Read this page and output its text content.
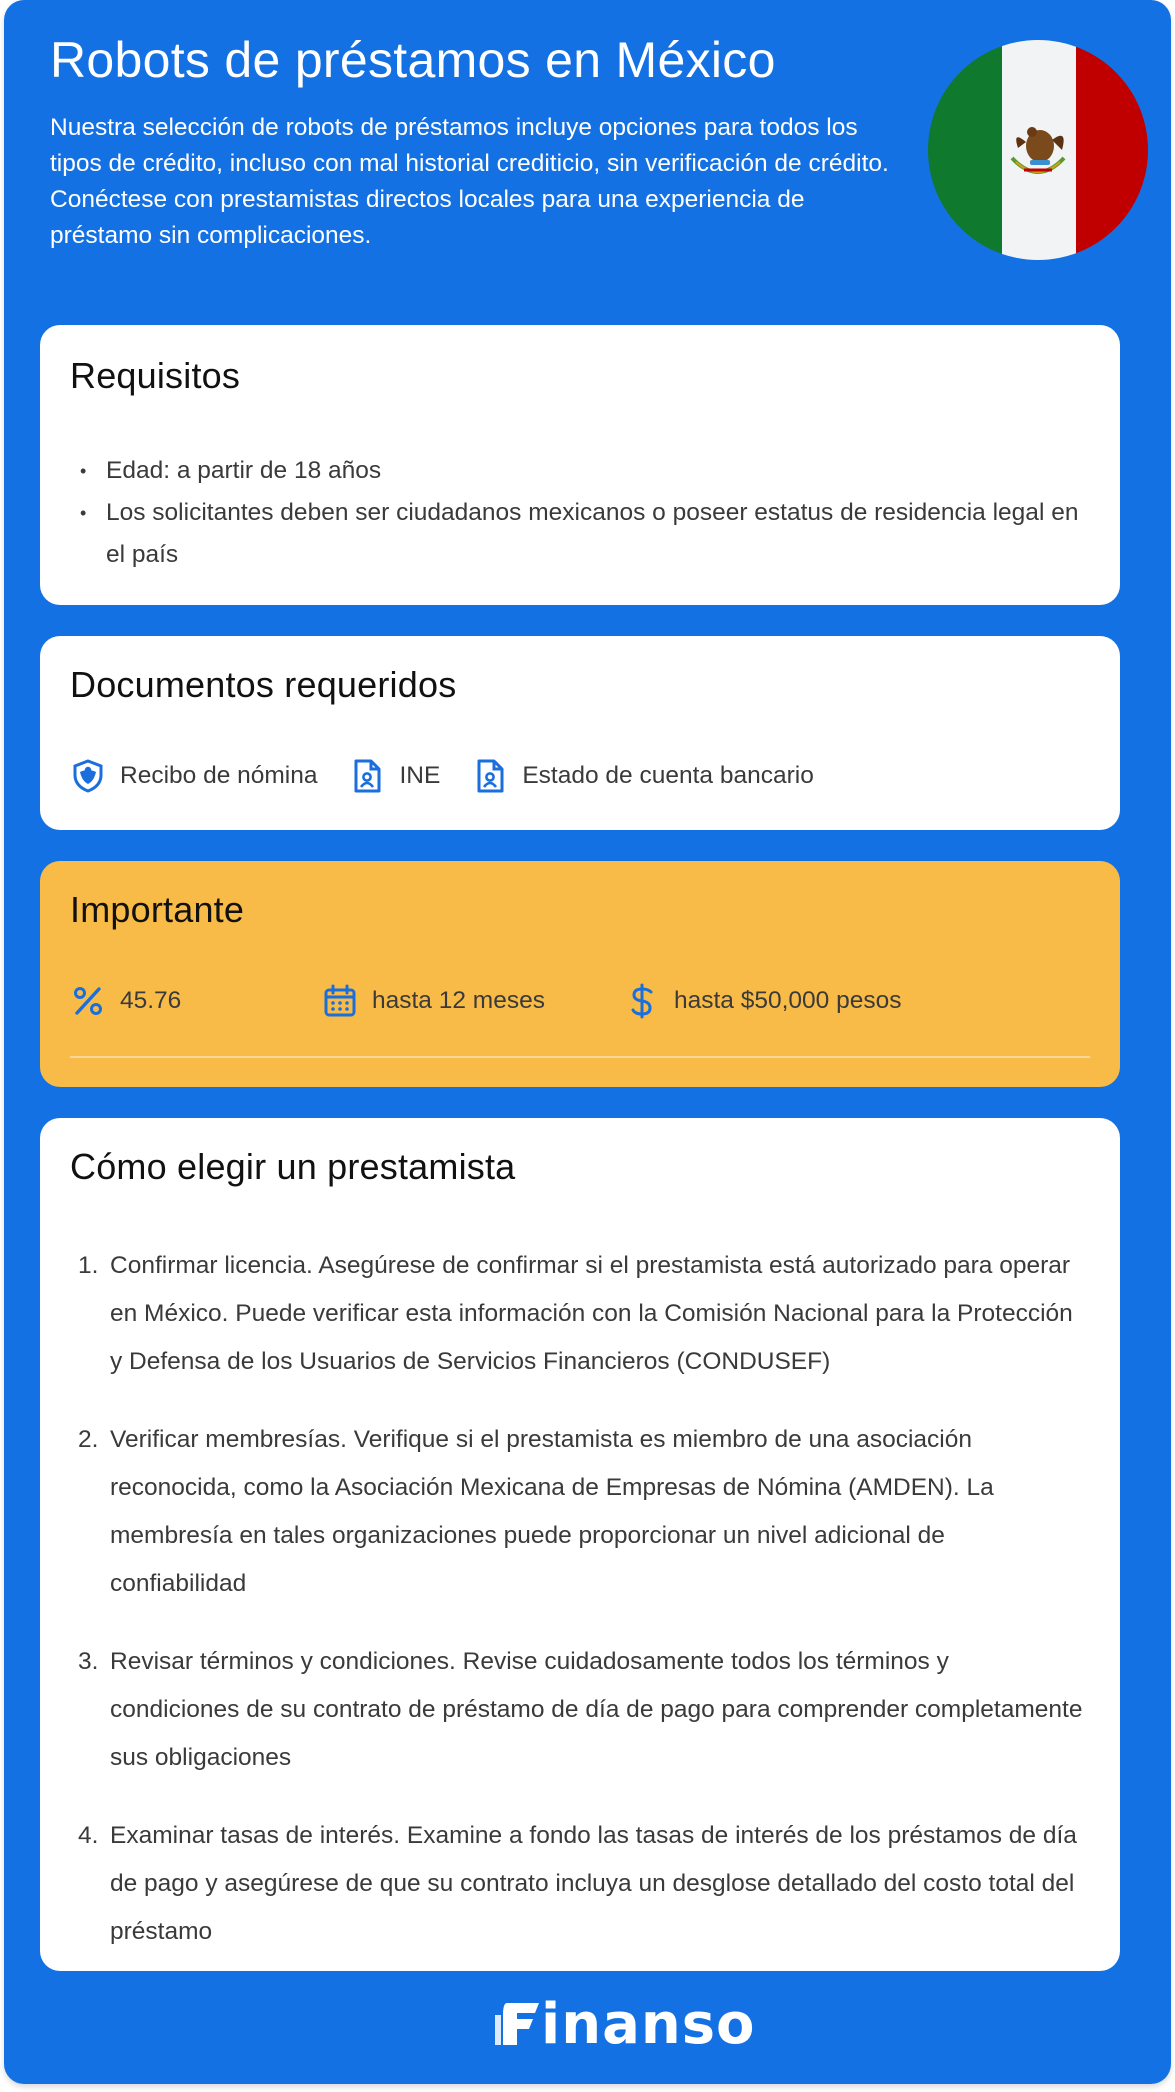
Robots de préstamos en México

Nuestra selección de robots de préstamos incluye opciones para todos los tipos de crédito, incluso con mal historial crediticio, sin verificación de crédito. Conéctese con prestamistas directos locales para una experiencia de préstamo sin complicaciones.

Requisitos
• Edad: a partir de 18 años
• Los solicitantes deben ser ciudadanos mexicanos o poseer estatus de residencia legal en el país
Documentos requeridos
Recibo de nómina	INE	Estado de cuenta bancario
Importante
45.76	hasta 12 meses	hasta $50,000 pesos
Cómo elegir un prestamista
1. Confirmar licencia. Asegúrese de confirmar si el prestamista está autorizado para operar en México. Puede verificar esta información con la Comisión Nacional para la Protección y Defensa de los Usuarios de Servicios Financieros (CONDUSEF)
2. Verificar membresías. Verifique si el prestamista es miembro de una asociación reconocida, como la Asociación Mexicana de Empresas de Nómina (AMDEN). La membresía en tales organizaciones puede proporcionar un nivel adicional de confiabilidad
3. Revisar términos y condiciones. Revise cuidadosamente todos los términos y condiciones de su contrato de préstamo de día de pago para comprender completamente sus obligaciones
4. Examinar tasas de interés. Examine a fondo las tasas de interés de los préstamos de día de pago y asegúrese de que su contrato incluya un desglose detallado del costo total del préstamo
inanso
